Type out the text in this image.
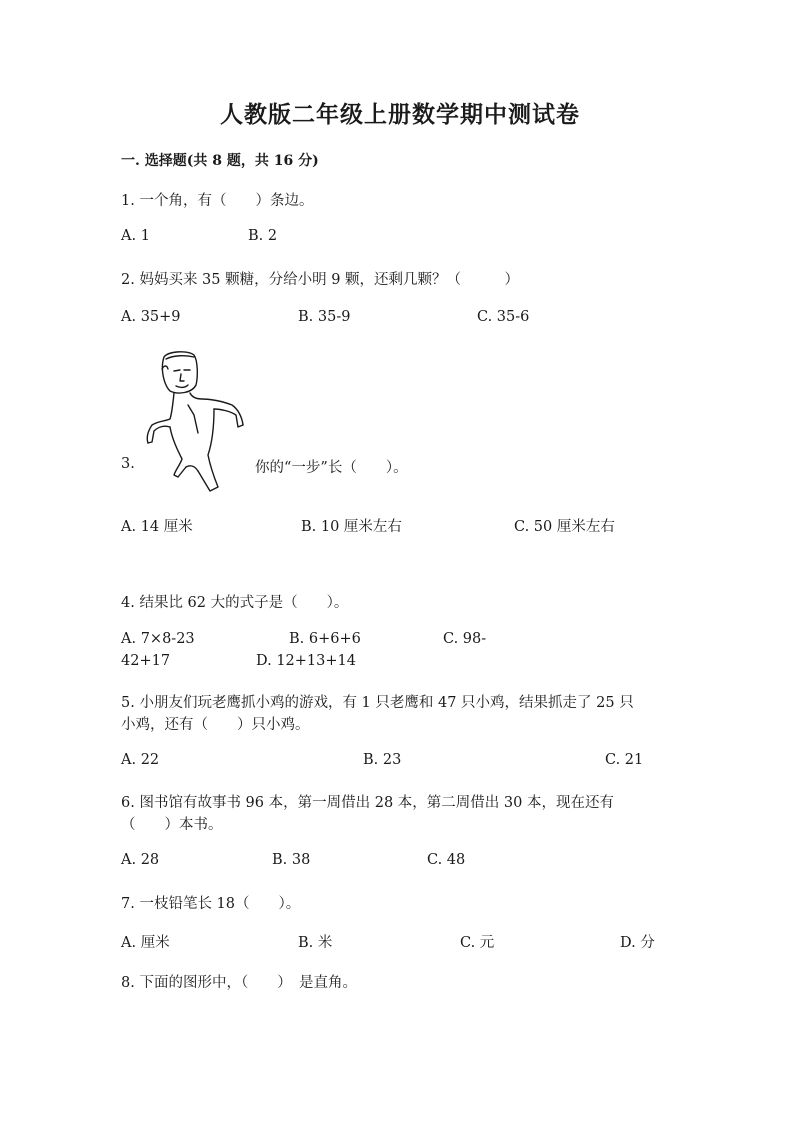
人教版二年级上册数学期中测试卷
一. 选择题(共 8 题，共 16 分)
1. 一个角，有（　　）条边。
A. 1	B. 2
2. 妈妈买来 35 颗糖，分给小明 9 颗，还剩几颗？（　　　）
A. 35+9	B. 35-9	C. 35-6
3.	你的“一步”长（　　）。
A. 14 厘米	B. 10 厘米左右	C. 50 厘米左右
4. 结果比 62 大的式子是（　　）。
A. 7×8-23	B. 6+6+6	C. 98-
42+17	D. 12+13+14
5. 小朋友们玩老鹰抓小鸡的游戏，有 1 只老鹰和 47 只小鸡，结果抓走了 25 只
小鸡，还有（　　）只小鸡。
A. 22	B. 23	C. 21
6. 图书馆有故事书 96 本，第一周借出 28 本，第二周借出 30 本，现在还有
（　　）本书。
A. 28	B. 38	C. 48
7. 一枝铅笔长 18（　　）。
A. 厘米	B. 米	C. 元	D. 分
8. 下面的图形中，（　　）　是直角。
